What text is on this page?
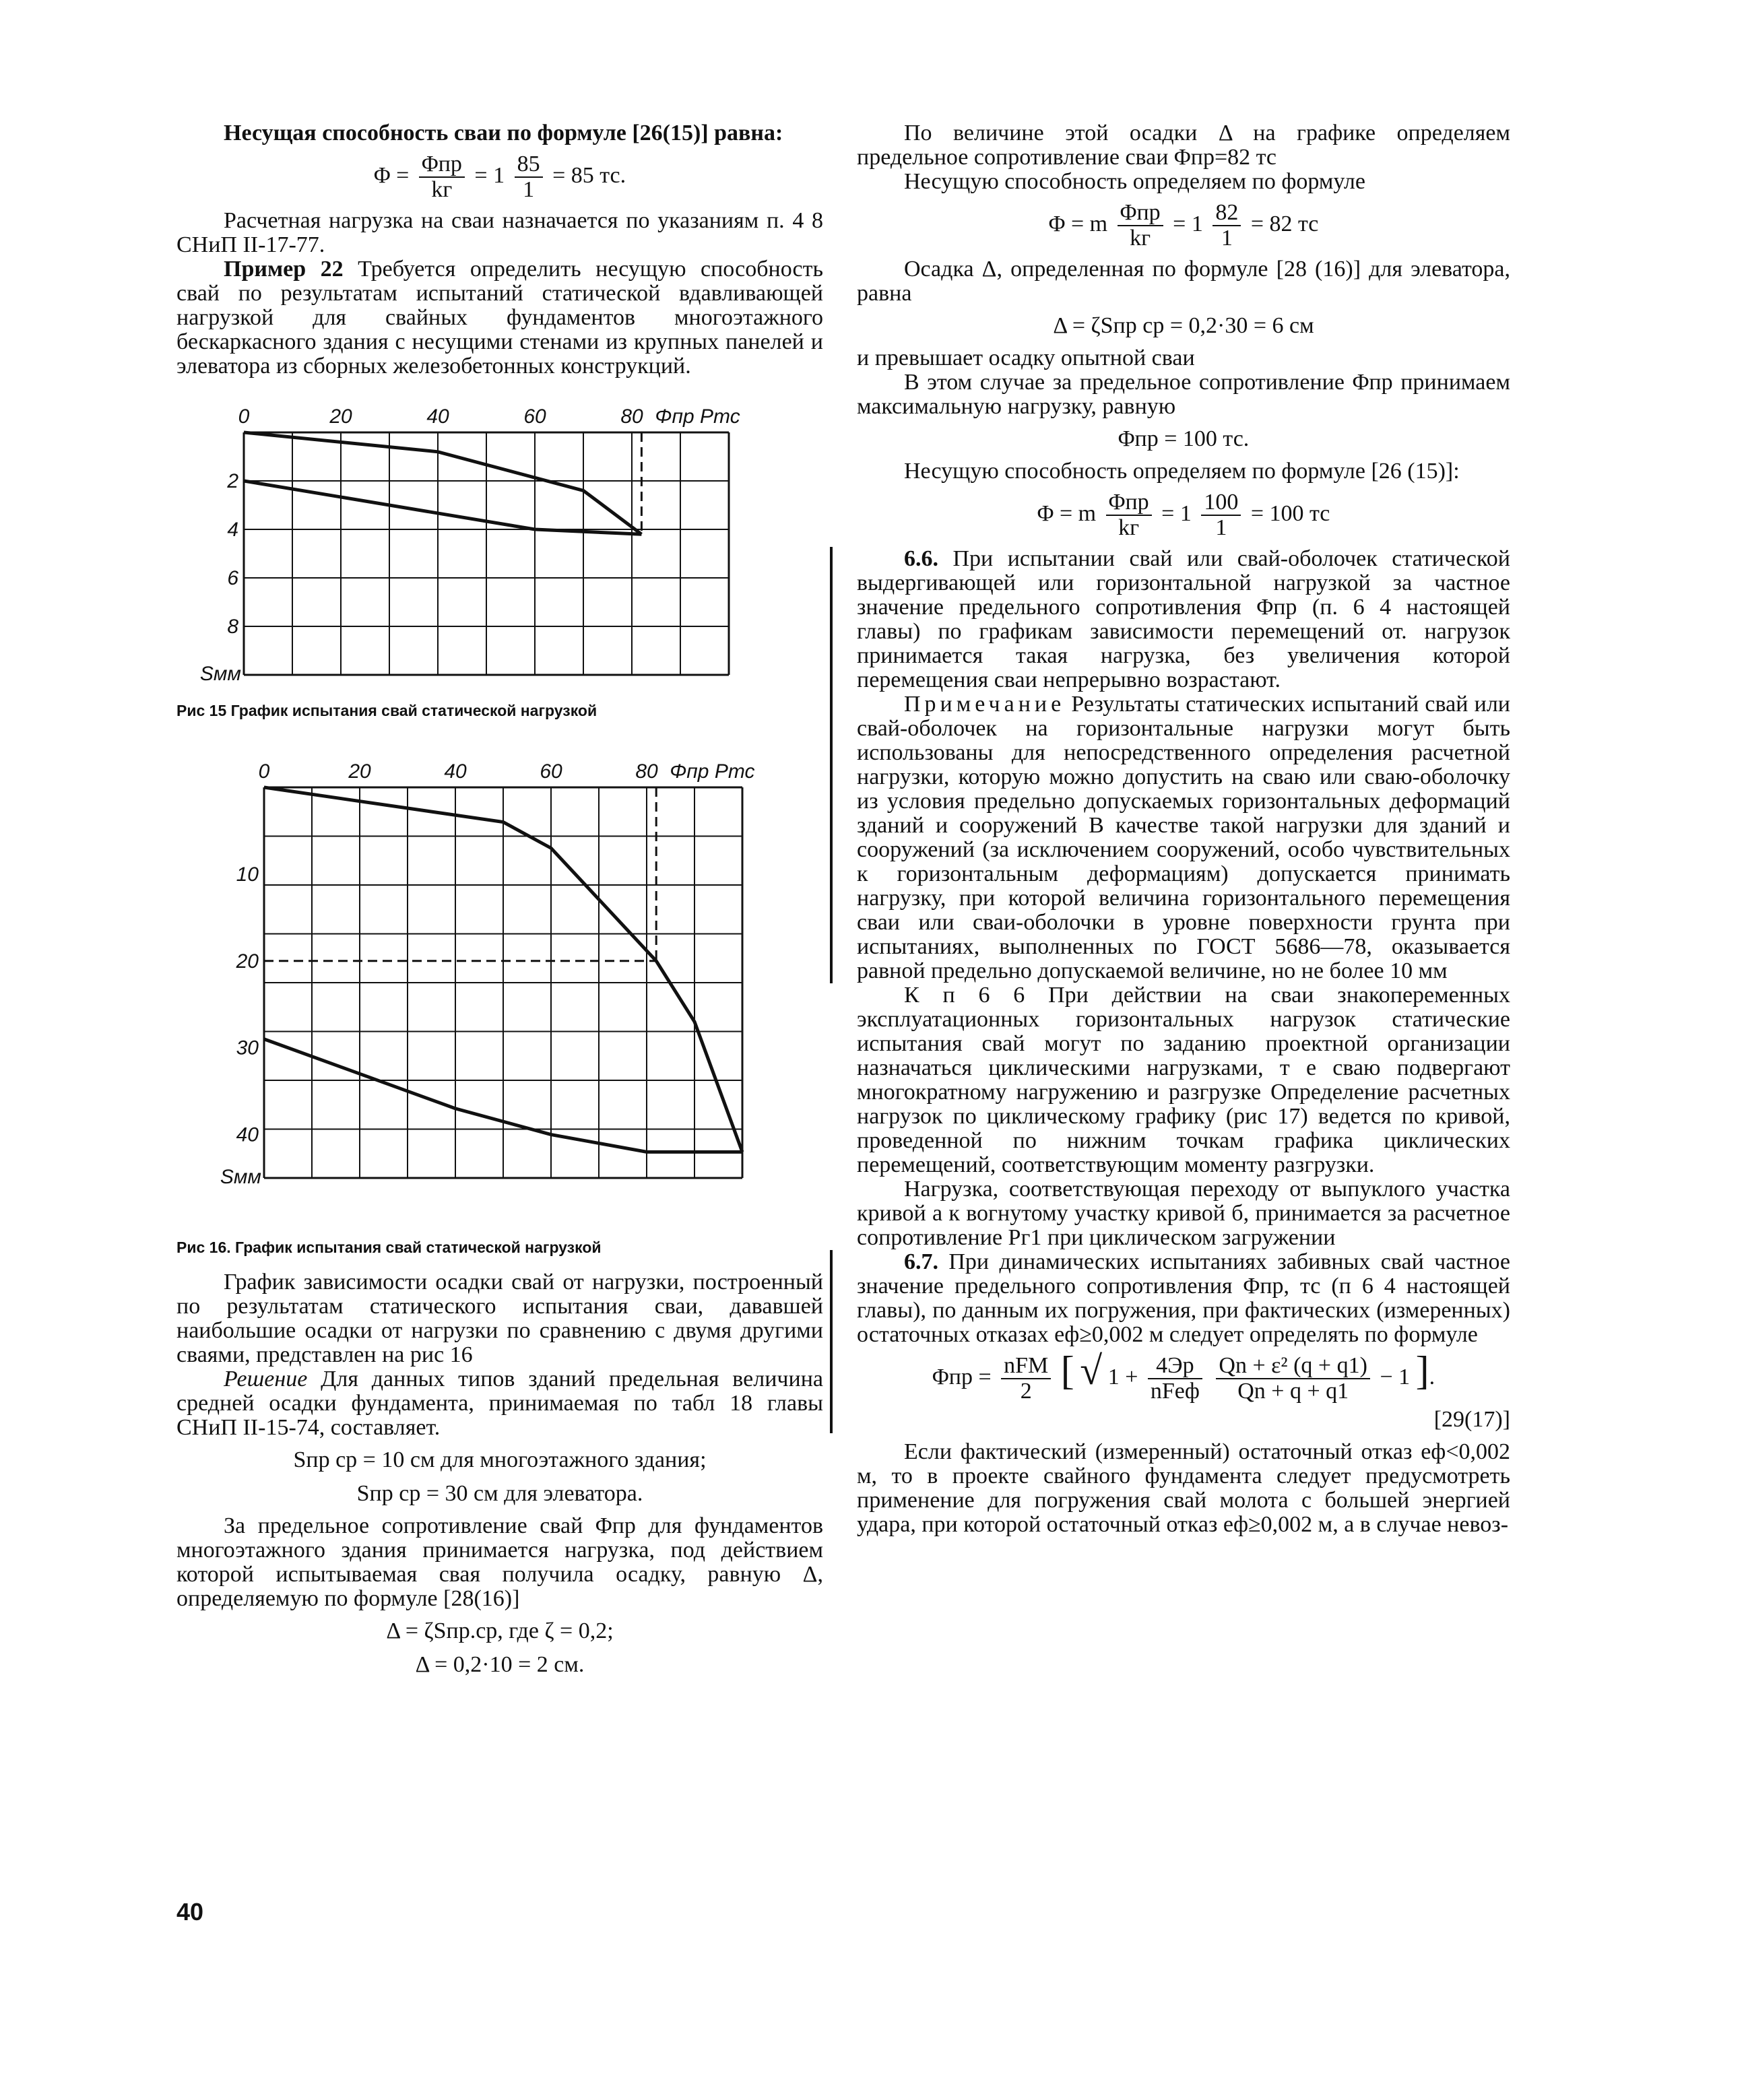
Несущая способность сваи по формуле [26(15)] равна:

$\Phi = \frac{\text{Φпр}}{kг} = 1 \frac{85}{1} = 85$ тс.

Расчетная нагрузка на сваи назначается по указаниям п. 4 8 СНиП II-17-77.

Пример 22 Требуется определить несущую способность свай по результатам испытаний статической вдавливающей нагрузкой для свайных фундаментов многоэтажного бескаркасного здания с несущими стенами из крупных панелей и элеватора из сборных железобетонных конструкций.

0	20	40	60	80 Φпр Pтс
2
4
6
8
Sмм
Рис 15 График испытания свай статической нагрузкой
0	20	40	60	80 Φпр Pтс
10
20
30
40
Sмм
Рис 16. График испытания свай статической нагрузкой

График зависимости осадки свай от нагрузки, построенный по результатам статического испытания сваи, дававшей наибольшие осадки от нагрузки по сравнению с двумя другими сваями, представлен на рис 16

Решение Для данных типов зданий предельная величина средней осадки фундамента, принимаемая по табл 18 главы СНиП II-15-74, составляет.

Sпр ср = 10 см для многоэтажного здания;
Sпр ср = 30 см для элеватора.

За предельное сопротивление свай Φпр для фундаментов многоэтажного здания принимается нагрузка, под действием которой испытываемая свая получила осадку, равную Δ, определяемую по формуле [28(16)]

Δ = ζSпр.ср, где ζ = 0,2;
Δ = 0,2·10 = 2 см.

По величине этой осадки Δ на графике определяем предельное сопротивление сваи Φпр=82 тс

Несущую способность определяем по формуле

Φ = m $\frac{\text{Φпр}}{kг} = 1 \frac{82}{1} = 82$ тс

Осадка Δ, определенная по формуле [28 (16)] для элеватора, равна

Δ = ζSпр ср = 0,2·30 = 6 см

и превышает осадку опытной сваи

В этом случае за предельное сопротивление Φпр принимаем максимальную нагрузку, равную

Φпр = 100 тс.

Несущую способность определяем по формуле [26 (15)]:

Φ = m $\frac{\text{Φпр}}{kг} = 1 \frac{100}{1} = 100$ тс

6.6. При испытании свай или свай-оболочек статической выдергивающей или горизонтальной нагрузкой за частное значение предельного сопротивления Φпр (п. 6 4 настоящей главы) по графикам зависимости перемещений от. нагрузок принимается такая нагрузка, без увеличения которой перемещения сваи непрерывно возрастают.

Примечание Результаты статических испытаний свай или свай-оболочек на горизонтальные нагрузки могут быть использованы для непосредственного определения расчетной нагрузки, которую можно допустить на сваю или сваю-оболочку из условия предельно допускаемых горизонтальных деформаций зданий и сооружений В качестве такой нагрузки для зданий и сооружений (за исключением сооружений, особо чувствительных к горизонтальным деформациям) допускается принимать нагрузку, при которой величина горизонтального перемещения сваи или сваи-оболочки в уровне поверхности грунта при испытаниях, выполненных по ГОСТ 5686—78, оказывается равной предельно допускаемой величине, но не более 10 мм

К п 6 6 При действии на сваи знакопеременных эксплуатационных горизонтальных нагрузок статические испытания свай могут по заданию проектной организации назначаться циклическими нагрузками, т е сваю подвергают многократному нагружению и разгрузке Определение расчетных нагрузок по циклическому графику (рис 17) ведется по кривой, проведенной по нижним точкам графика циклических перемещений, соответствующим моменту разгрузки.

Нагрузка, соответствующая переходу от выпуклого участка кривой а к вогнутому участку кривой б, принимается за расчетное сопротивление Pг1 при циклическом загружении

6.7. При динамических испытаниях забивных свай частное значение предельного сопротивления Φпр, тс (п 6 4 настоящей главы), по данным их погружения, при фактических (измеренных) остаточных отказах eф≥0,002 м следует определять по формуле

$\Phi пр = \frac{\text{nFM}}{2}$ [ √ $1 + \frac{4Эр}{\text{nFeф}}$
$\frac{\text{Qn + ε² (q + q1)}}{Qn + q + q1} - 1$ ].
[29(17)]

Если фактический (измеренный) остаточный отказ eф<0,002 м, то в проекте свайного фундамента следует предусмотреть применение для погружения свай молота с большей энергией удара, при которой остаточный отказ eф≥0,002 м, а в случае невоз-

40
